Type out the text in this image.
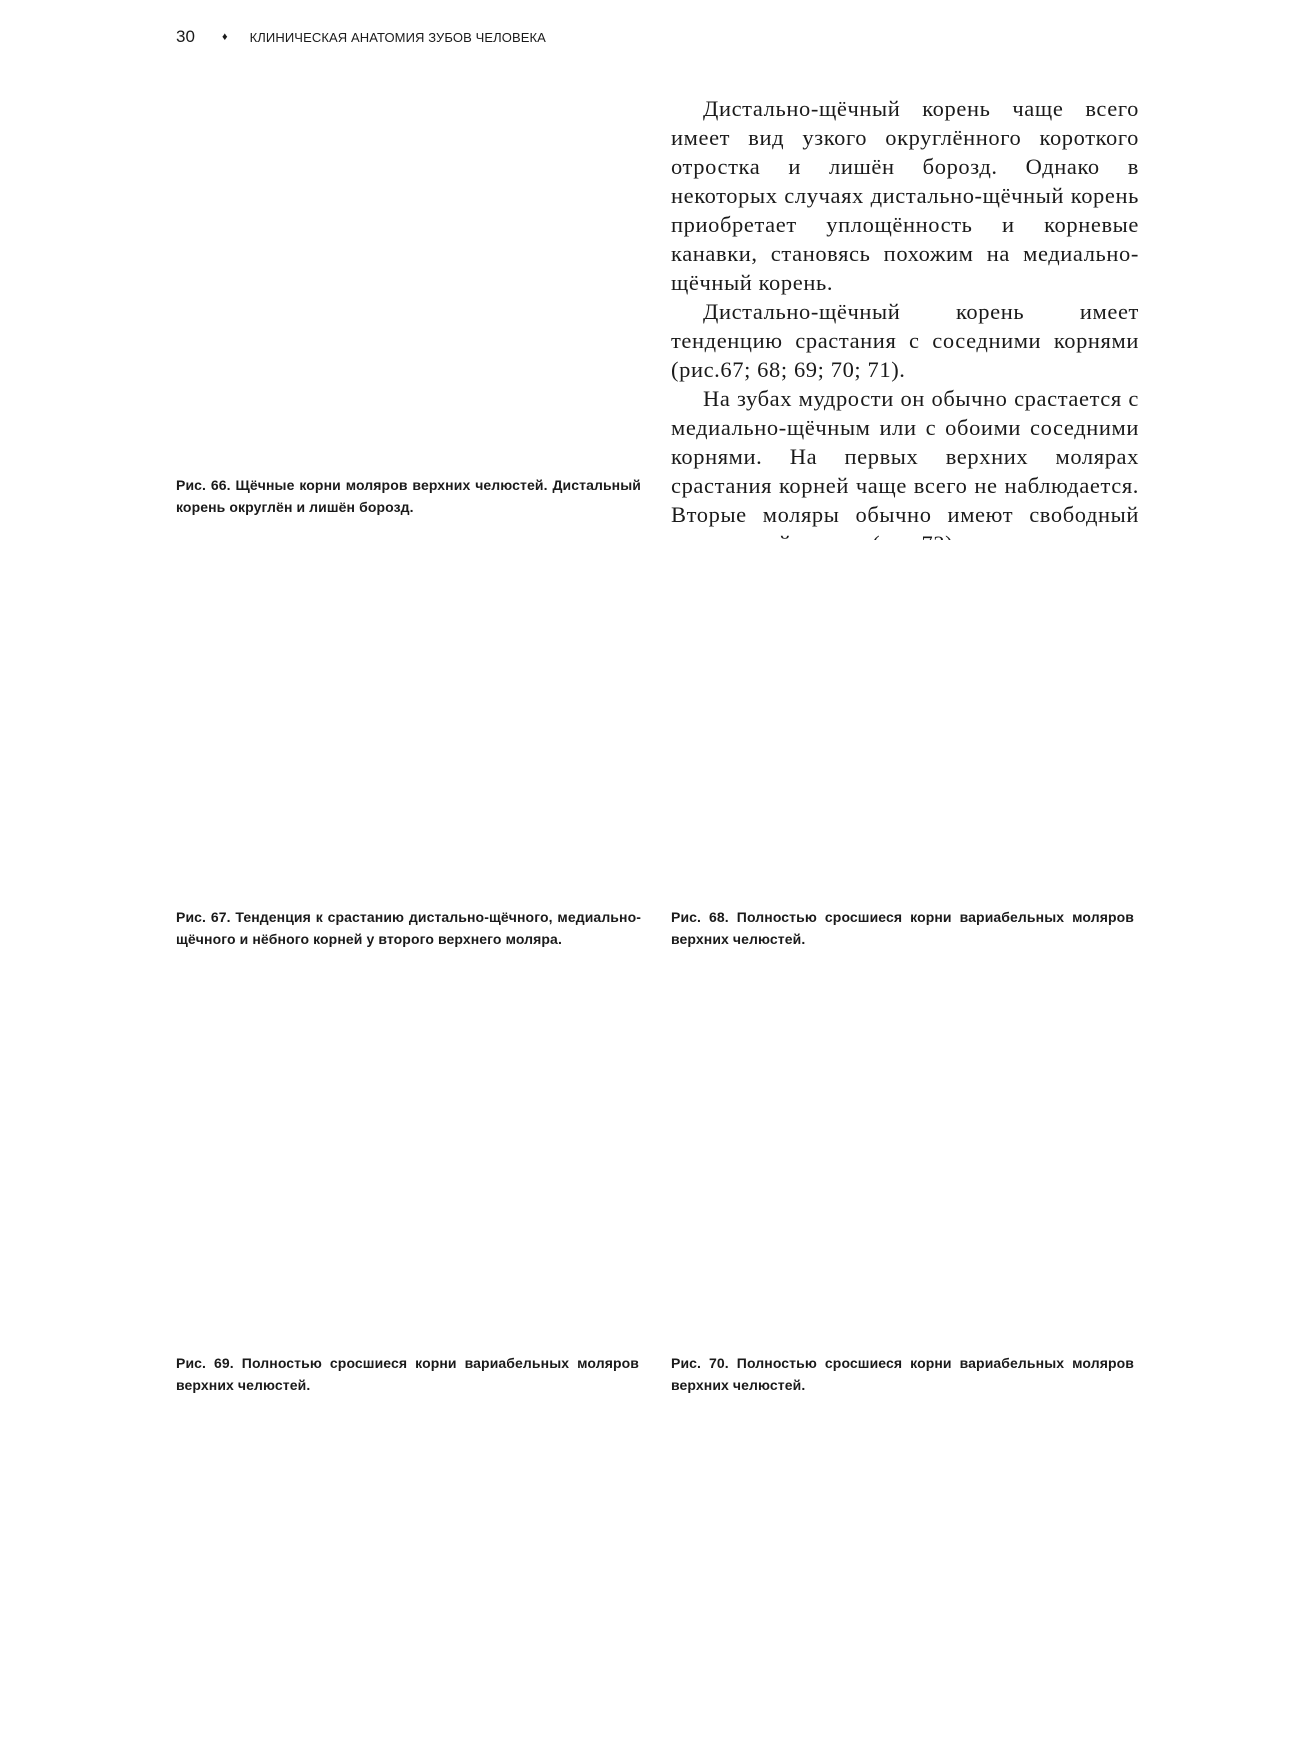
30	♦ КЛИНИЧЕСКАЯ АНАТОМИЯ ЗУБОВ ЧЕЛОВЕКА

Дистально-щёчный корень чаще всего имеет вид узкого округлённого короткого отростка и лишён борозд. Однако в некоторых случаях дистально-щёчный корень приобретает уплощённость и корневые канавки, становясь похожим на медиально-щёчный корень.

Дистально-щёчный корень имеет тенденцию срастания с соседними корнями (рис.67; 68; 69; 70; 71).

На зубах мудрости он обычно срастается с медиально-щёчным или с обоими соседними корнями. На первых верхних молярах срастания корней чаще всего не наблюдается. Вторые моляры обычно имеют свободный

Рис. 66. Щёчные корни моляров верхних челюстей. Дистальный корень округлён и лишён борозд.
Рис. 67. Тенденция к срастанию дистально-щёчного, медиально-щёчного и нёбного корней у второго верхнего моляра.
Рис. 68. Полностью сросшиеся корни вариабельных моляров верхних челюстей.
Рис. 69. Полностью сросшиеся корни вариабельных моляров верхних челюстей.
Рис. 70. Полностью сросшиеся корни вариабельных моляров верхних челюстей.
